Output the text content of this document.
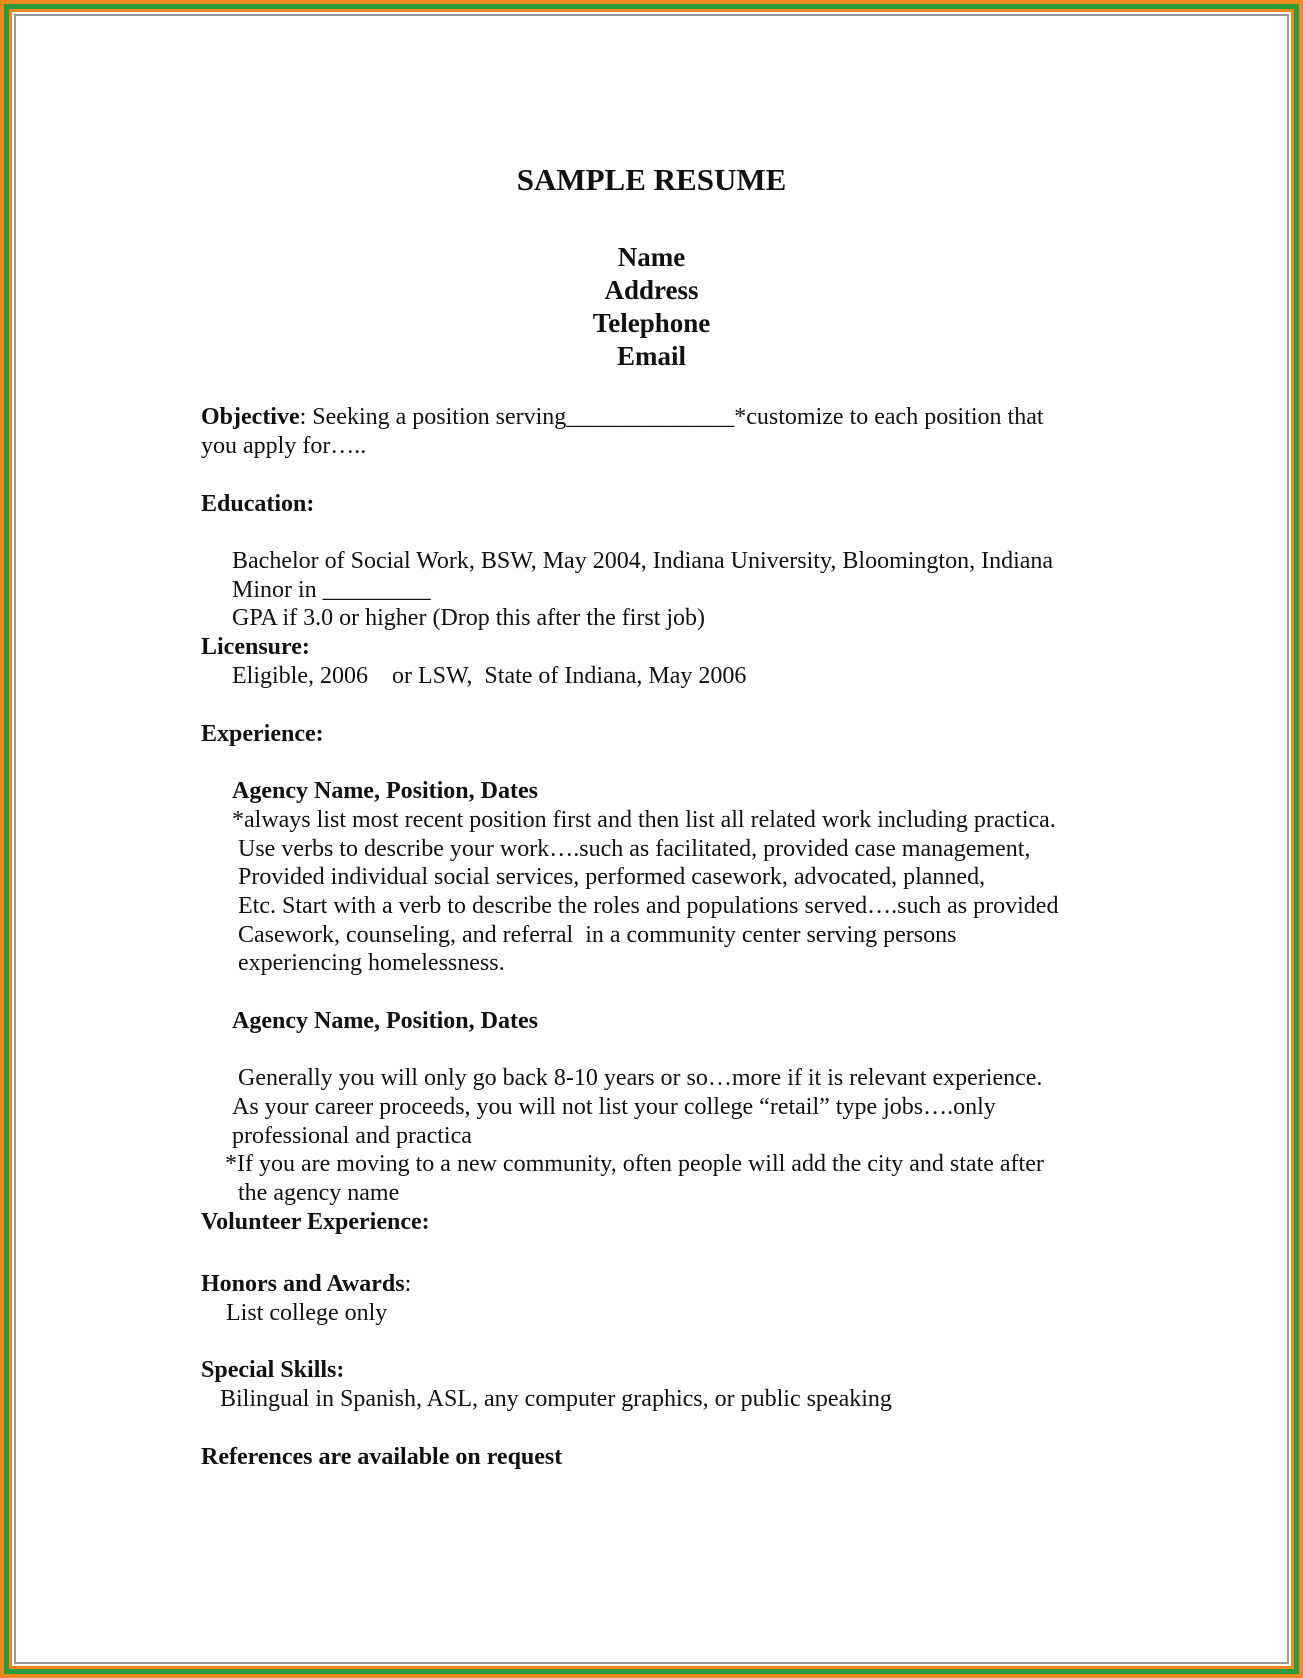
SAMPLE RESUME
Name
Address
Telephone
Email
Objective: Seeking a position serving______________*customize to each position that
you apply for…..
Education:
Bachelor of Social Work, BSW, May 2004, Indiana University, Bloomington, Indiana
Minor in _________
GPA if 3.0 or higher (Drop this after the first job)
Licensure:
Eligible, 2006    or LSW,  State of Indiana, May 2006
Experience:
Agency Name, Position, Dates
*always list most recent position first and then list all related work including practica.
Use verbs to describe your work….such as facilitated, provided case management,
Provided individual social services, performed casework, advocated, planned,
Etc. Start with a verb to describe the roles and populations served….such as provided
Casework, counseling, and referral  in a community center serving persons
experiencing homelessness.
Agency Name, Position, Dates
Generally you will only go back 8-10 years or so…more if it is relevant experience.
As your career proceeds, you will not list your college “retail” type jobs….only
professional and practica
*If you are moving to a new community, often people will add the city and state after
the agency name
Volunteer Experience:
Honors and Awards:
List college only
Special Skills:
Bilingual in Spanish, ASL, any computer graphics, or public speaking
References are available on request
